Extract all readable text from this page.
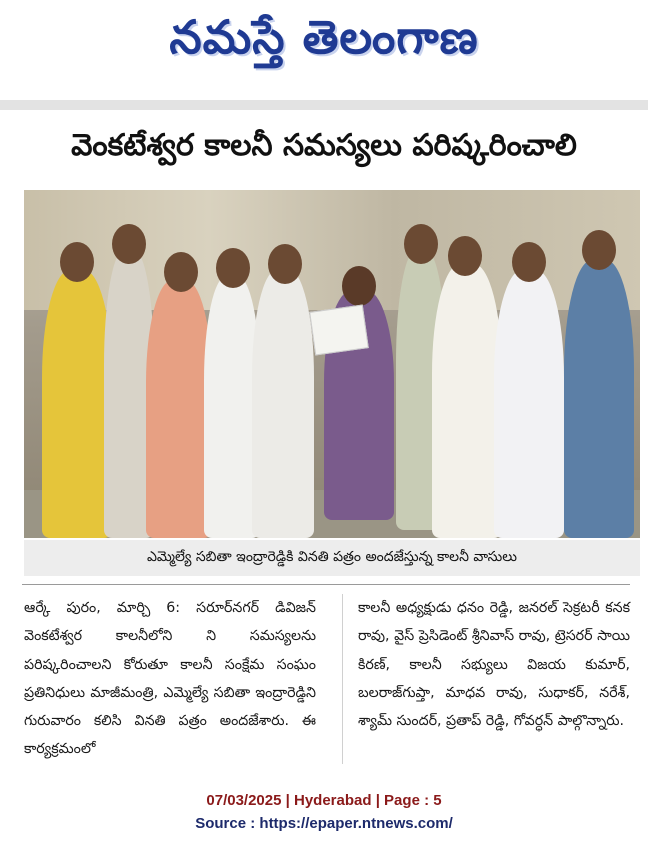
నమస్తే తెలంగాణ
వెంకటేశ్వర కాలనీ సమస్యలు పరిష్కరించాలి
ఎమ్మెల్యే సబితా ఇంద్రారెడ్డికి వినతి పత్రం అందజేస్తున్న కాలనీ వాసులు
ఆర్కే పురం, మార్చి 6: సరూర్‌నగర్ డివిజన్ వెంకటేశ్వర కాలనీలోని ని సమస్యలను పరిష్కరించాలని కోరుతూ కాలనీ సంక్షేమ సంఘం ప్రతినిధులు మాజీమంత్రి, ఎమ్మెల్యే సబితా ఇంద్రారెడ్డిని గురువారం కలిసి వినతి పత్రం అందజేశారు. ఈ కార్యక్రమంలో
కాలనీ అధ్యక్షుడు ధనం రెడ్డి, జనరల్ సెక్రటరీ కనక రావు, వైస్ ప్రెసిడెంట్ శ్రీనివాస్ రావు, ట్రెసరర్ సాయి కిరణ్, కాలనీ సభ్యులు విజయ కుమార్, బలరాజ్‌గుప్తా, మాధవ రావు, సుధాకర్, నరేశ్, శ్యామ్ సుందర్, ప్రతాప్ రెడ్డి, గోవర్ధన్ పాల్గొన్నారు.
07/03/2025 | Hyderabad | Page : 5
Source : https://epaper.ntnews.com/
